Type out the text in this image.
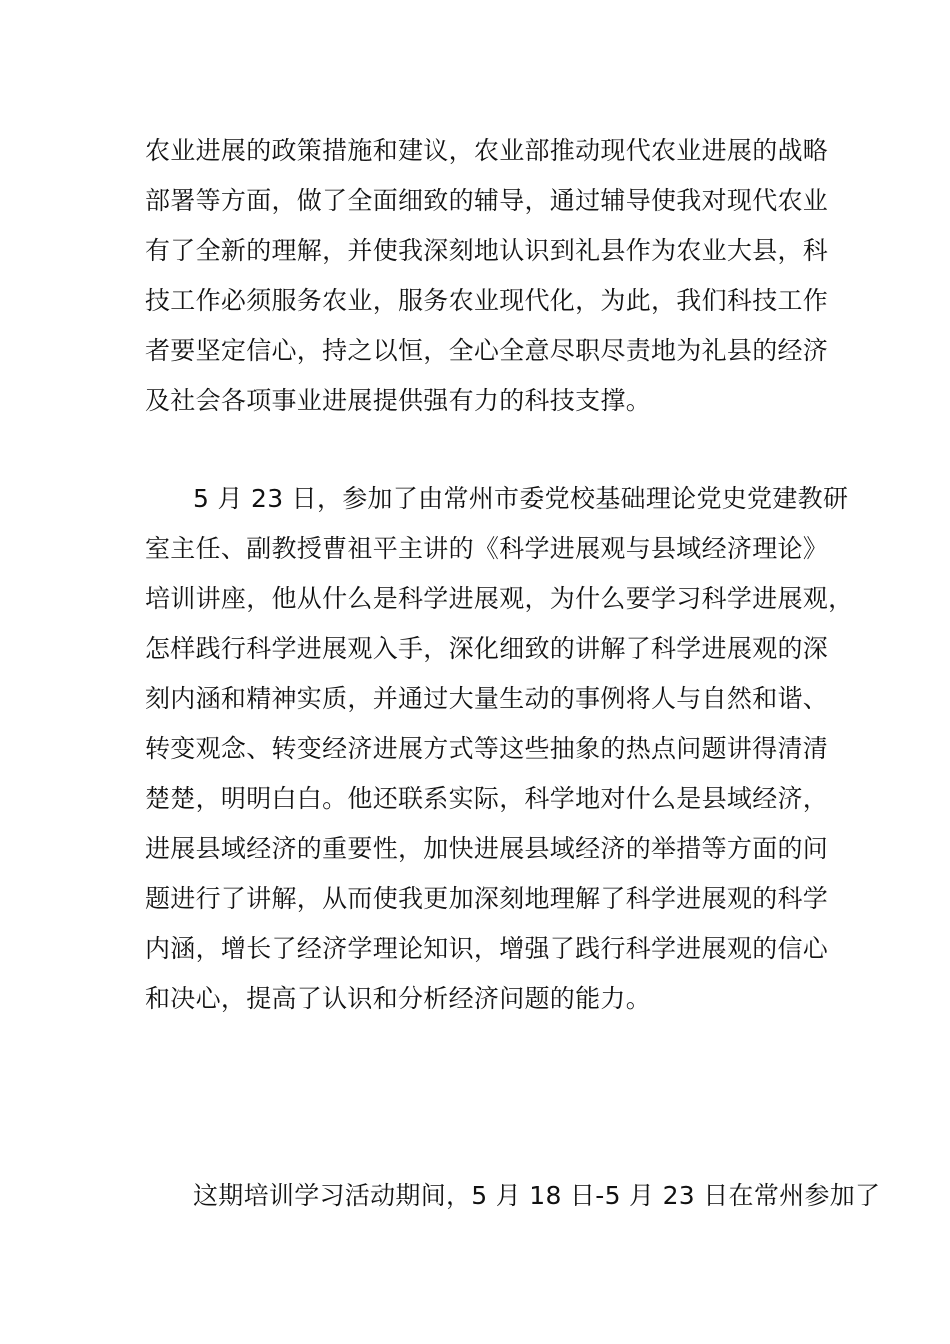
农业进展的政策措施和建议，农业部推动现代农业进展的战略
部署等方面，做了全面细致的辅导，通过辅导使我对现代农业
有了全新的理解，并使我深刻地认识到礼县作为农业大县，科
技工作必须服务农业，服务农业现代化，为此，我们科技工作
者要坚定信心，持之以恒，全心全意尽职尽责地为礼县的经济
及社会各项事业进展提供强有力的科技支撑。
5 月 23 日，参加了由常州市委党校基础理论党史党建教研
室主任、副教授曹祖平主讲的《科学进展观与县域经济理论》
培训讲座，他从什么是科学进展观，为什么要学习科学进展观，
怎样践行科学进展观入手，深化细致的讲解了科学进展观的深
刻内涵和精神实质，并通过大量生动的事例将人与自然和谐、
转变观念、转变经济进展方式等这些抽象的热点问题讲得清清
楚楚，明明白白。他还联系实际，科学地对什么是县域经济，
进展县域经济的重要性，加快进展县域经济的举措等方面的问
题进行了讲解，从而使我更加深刻地理解了科学进展观的科学
内涵，增长了经济学理论知识，增强了践行科学进展观的信心
和决心，提高了认识和分析经济问题的能力。
这期培训学习活动期间，5 月 18 日-5 月 23 日在常州参加了
